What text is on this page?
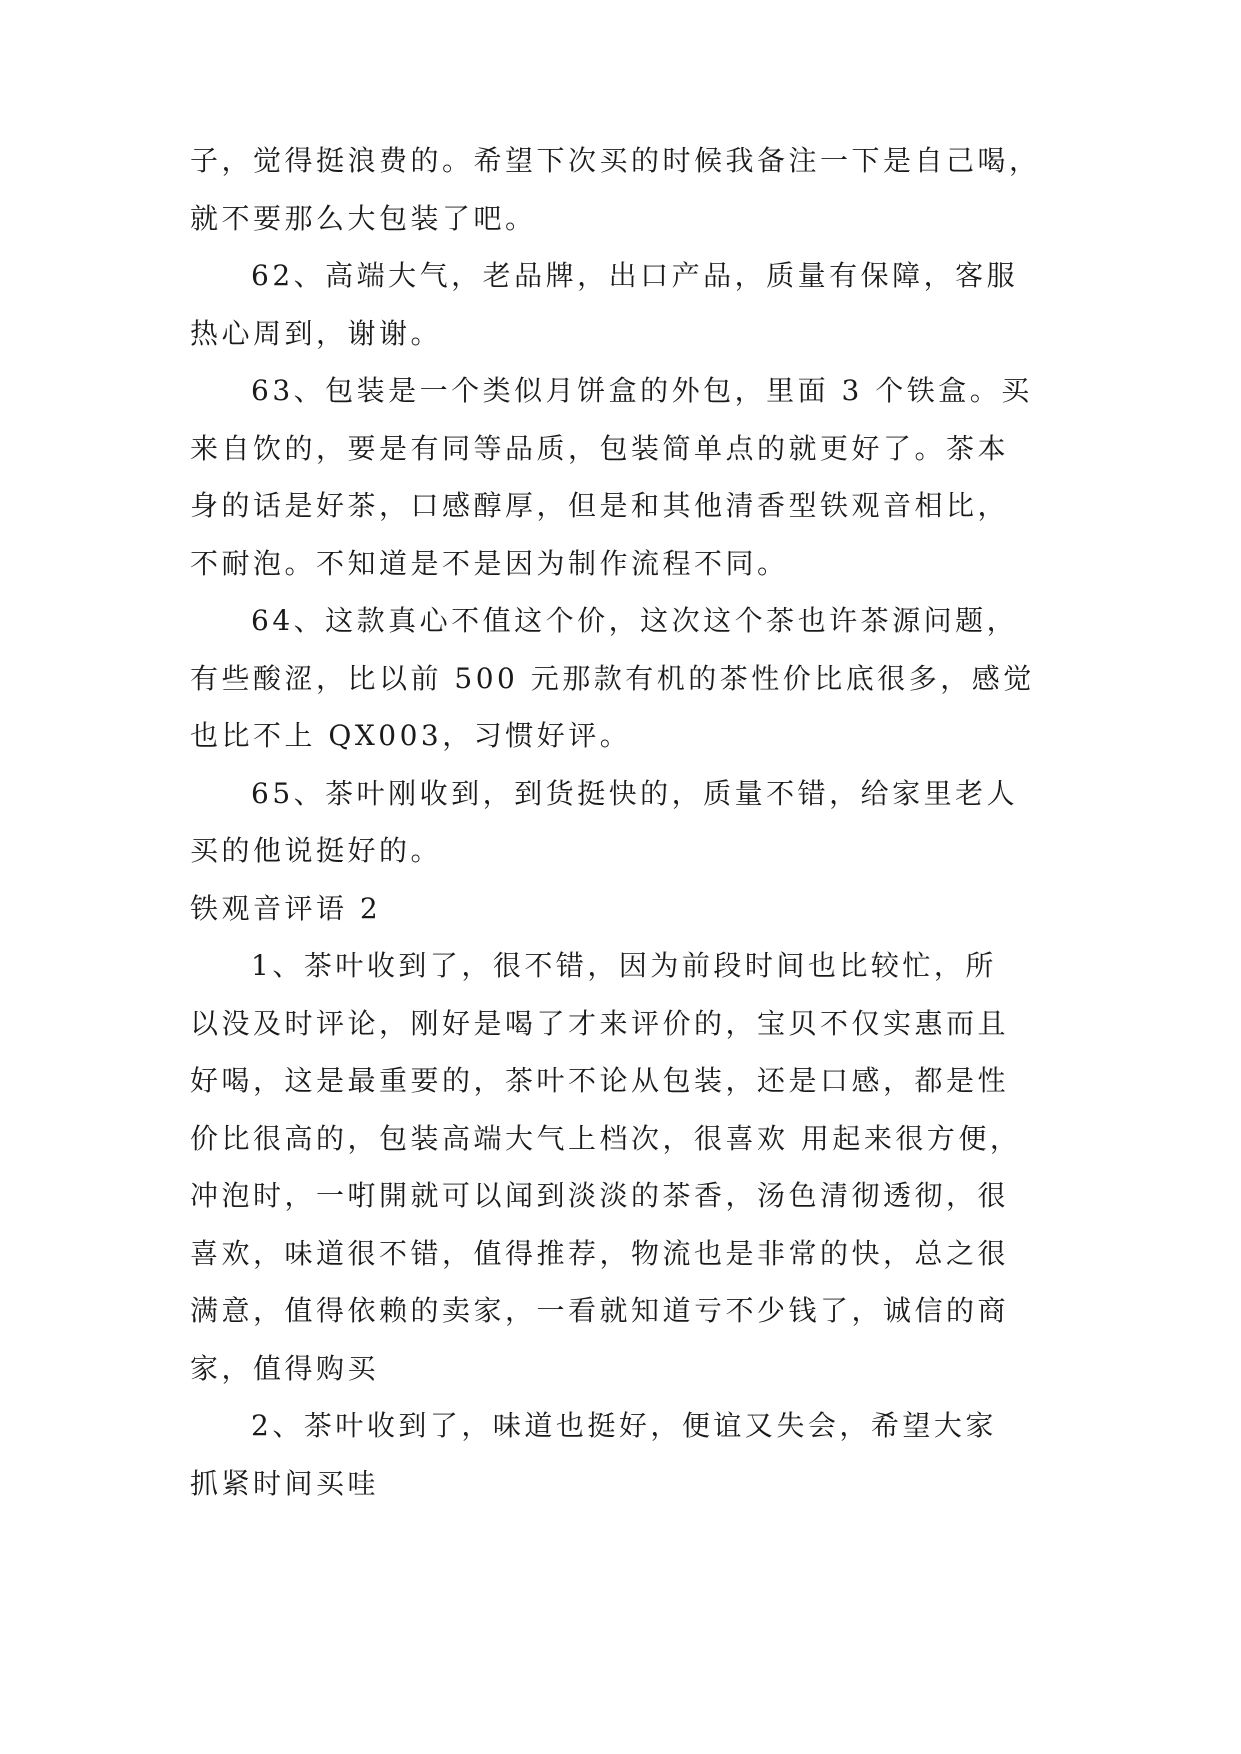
子，觉得挺浪费的。希望下次买的时候我备注一下是自己喝，
就不要那么大包装了吧。
62、高端大气，老品牌，出口产品，质量有保障，客服
热心周到，谢谢。
63、包装是一个类似月饼盒的外包，里面 3 个铁盒。买
来自饮的，要是有同等品质，包装简单点的就更好了。茶本
身的话是好茶，口感醇厚，但是和其他清香型铁观音相比，
不耐泡。不知道是不是因为制作流程不同。
64、这款真心不值这个价，这次这个茶也许茶源问题，
有些酸涩，比以前 500 元那款有机的茶性价比底很多，感觉
也比不上 QX003，习惯好评。
65、茶叶刚收到，到货挺快的，质量不错，给家里老人
买的他说挺好的。
铁观音评语 2
1、茶叶收到了，很不错，因为前段时间也比较忙，所
以没及时评论，刚好是喝了才来评价的，宝贝不仅实惠而且
好喝，这是最重要的，茶叶不论从包装，还是口感，都是性
价比很高的，包装高端大气上档次，很喜欢 用起来很方便，
冲泡时，一咑開就可以闻到淡淡的茶香，汤色清彻透彻，很
喜欢，味道很不错，值得推荐，物流也是非常的快，总之很
满意，值得依赖的卖家，一看就知道亏不少钱了，诚信的商
家，值得购买
2、茶叶收到了，味道也挺好，便谊又失会，希望大家
抓紧时间买哇
